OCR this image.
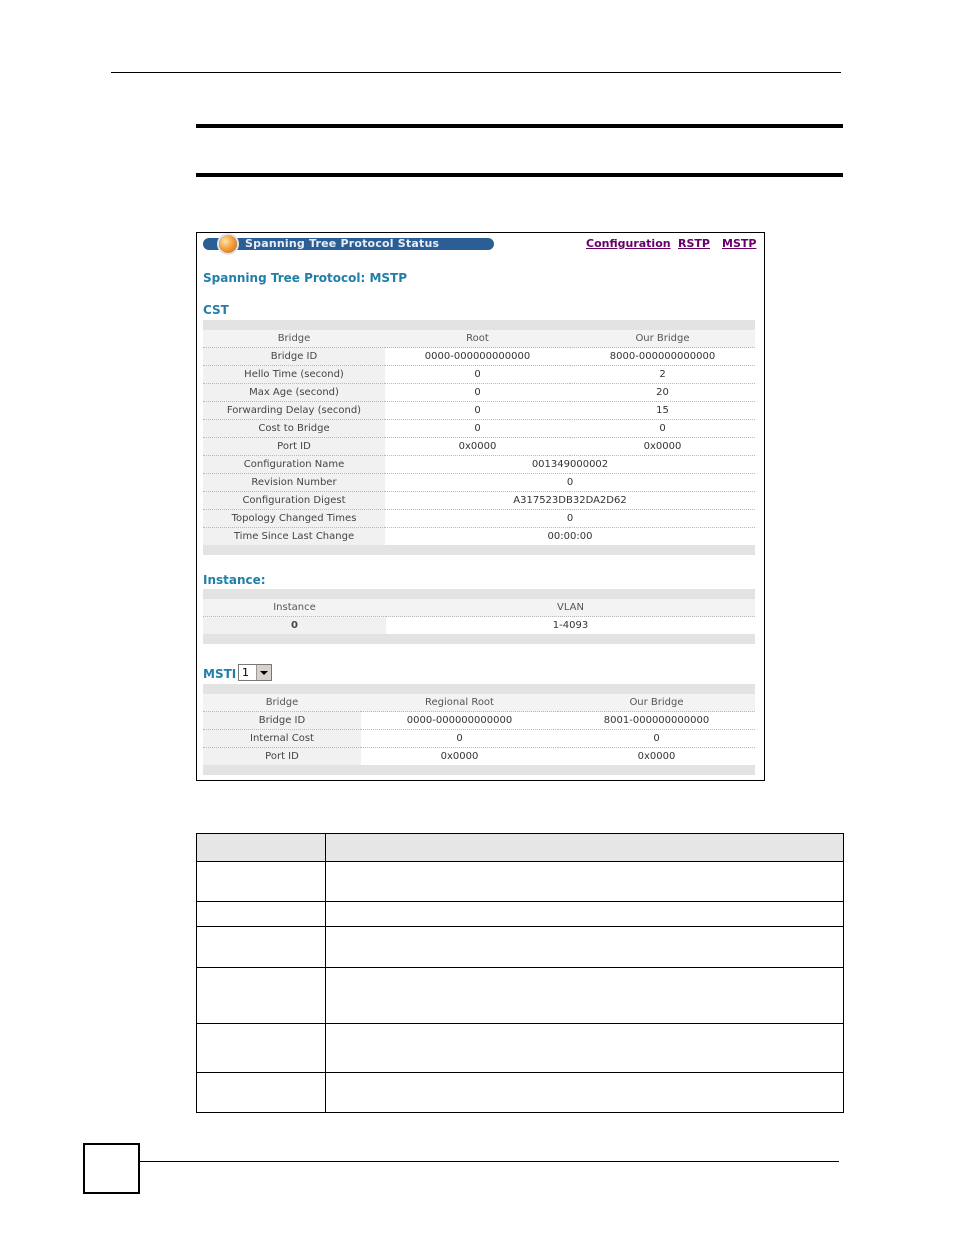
Spanning Tree Protocol Status	Configuration RSTP MSTP
Spanning Tree Protocol: MSTP
CST

Bridge	Root	Our Bridge
Bridge ID	0000-000000000000	8000-000000000000
Hello Time (second)	0	2
Max Age (second)	0	20
Forwarding Delay (second)	0	15
Cost to Bridge	0	0
Port ID	0x0000	0x0000
Configuration Name	001349000002	
Revision Number	0	
Configuration Digest	A317523DB32DA2D62	
Topology Changed Times	0	
Time Since Last Change	00:00:00	

Instance:

Instance	VLAN
0	1-4093

MSTI 1

Bridge	Regional Root	Our Bridge
Bridge ID	0000-000000000000	8001-000000000000
Internal Cost	0	0
Port ID	0x0000	0x0000
